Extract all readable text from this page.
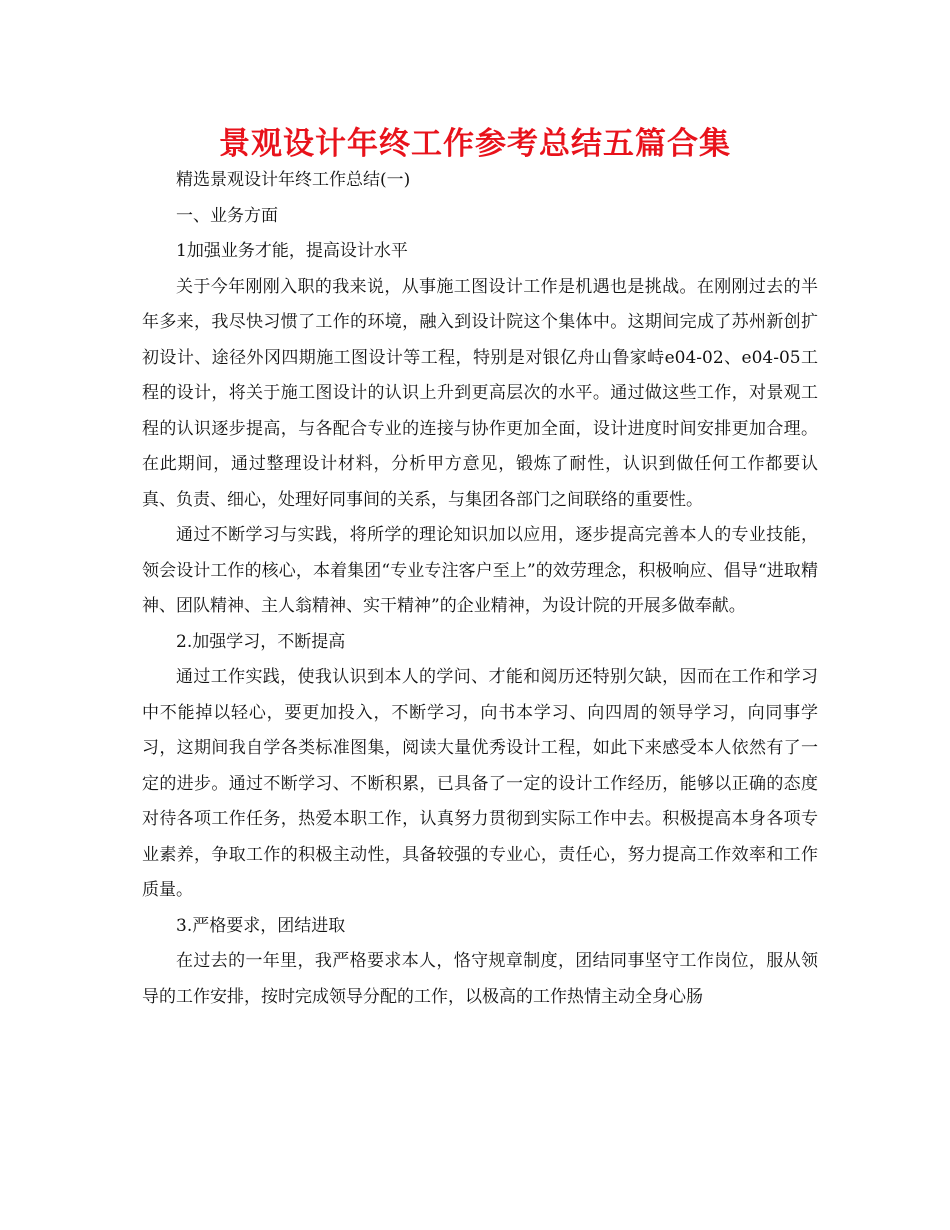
景观设计年终工作参考总结五篇合集

精选景观设计年终工作总结(一)

一、业务方面

1加强业务才能，提高设计水平

关于今年刚刚入职的我来说，从事施工图设计工作是机遇也是挑战。在刚刚过去的半年多来，我尽快习惯了工作的环境，融入到设计院这个集体中。这期间完成了苏州新创扩初设计、途径外冈四期施工图设计等工程，特别是对银亿舟山鲁家峙e04-02、e04-05工程的设计，将关于施工图设计的认识上升到更高层次的水平。通过做这些工作，对景观工程的认识逐步提高，与各配合专业的连接与协作更加全面，设计进度时间安排更加合理。在此期间，通过整理设计材料，分析甲方意见，锻炼了耐性，认识到做任何工作都要认真、负责、细心，处理好同事间的关系，与集团各部门之间联络的重要性。

通过不断学习与实践，将所学的理论知识加以应用，逐步提高完善本人的专业技能，领会设计工作的核心，本着集团“专业专注客户至上”的效劳理念，积极响应、倡导“进取精神、团队精神、主人翁精神、实干精神”的企业精神，为设计院的开展多做奉献。

2.加强学习，不断提高

通过工作实践，使我认识到本人的学问、才能和阅历还特别欠缺，因而在工作和学习中不能掉以轻心，要更加投入，不断学习，向书本学习、向四周的领导学习，向同事学习，这期间我自学各类标准图集，阅读大量优秀设计工程，如此下来感受本人依然有了一定的进步。通过不断学习、不断积累，已具备了一定的设计工作经历，能够以正确的态度对待各项工作任务，热爱本职工作，认真努力贯彻到实际工作中去。积极提高本身各项专业素养，争取工作的积极主动性，具备较强的专业心，责任心，努力提高工作效率和工作质量。

3.严格要求，团结进取

在过去的一年里，我严格要求本人，恪守规章制度，团结同事坚守工作岗位，服从领导的工作安排，按时完成领导分配的工作，以极高的工作热情主动全身心肠
